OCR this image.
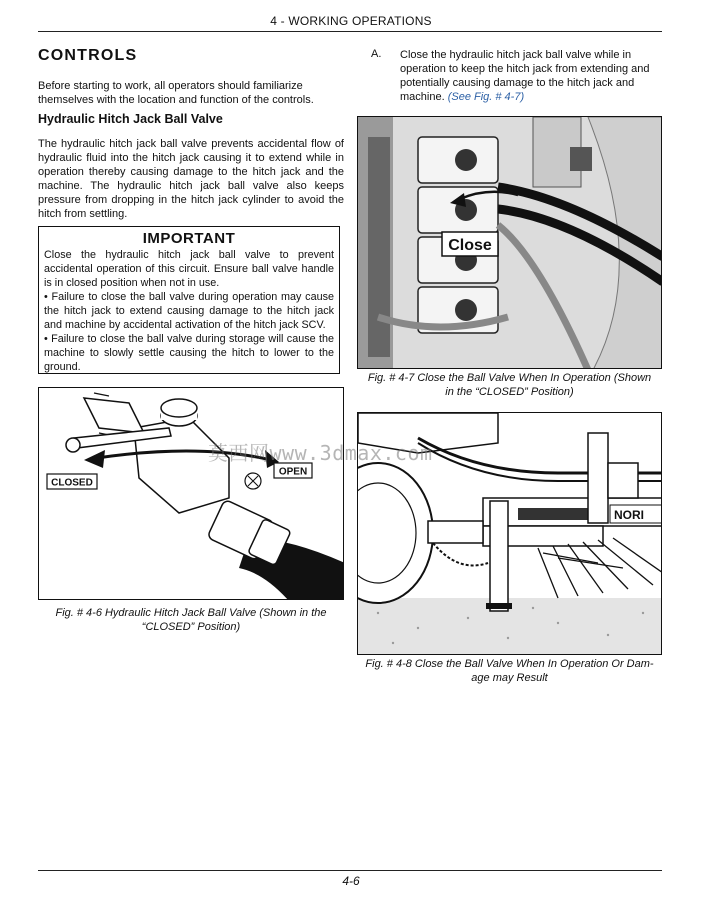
4 - WORKING OPERATIONS
CONTROLS
Before starting to work, all operators should familiarize themselves with the location and function of the controls.
Hydraulic Hitch Jack Ball Valve
The hydraulic hitch jack ball valve prevents accidental flow of hydraulic fluid into the hitch jack causing it to extend while in operation thereby causing damage to the hitch jack and the machine. The hydraulic hitch jack ball valve also keeps pressure from dropping in the hitch jack cylinder to avoid the hitch from settling.
IMPORTANT
Close the hydraulic hitch jack ball valve to prevent accidental operation of this circuit. Ensure ball valve handle is in closed position when not in use.
• Failure to close the ball valve during operation may cause the hitch jack to extend causing damage to the hitch jack and machine by accidental activation of the hitch jack SCV.
• Failure to close the ball valve during storage will cause the machine to slowly settle causing the hitch to lower to the ground.
CLOSED
OPEN
Fig. # 4-6 Hydraulic Hitch Jack Ball Valve (Shown in the
“CLOSED” Position)
A. Close the hydraulic hitch jack ball valve while in operation to keep the hitch jack from extending and potentially causing damage to the hitch jack and machine. (See Fig. # 4-7)
Close
Fig. # 4-7 Close the Ball Valve When In Operation (Shown
in the “CLOSED” Position)
NORI
Fig. # 4-8 Close the Ball Valve When In Operation Or Dam-
age may Result
莫西网www.3dmax.com
4-6
